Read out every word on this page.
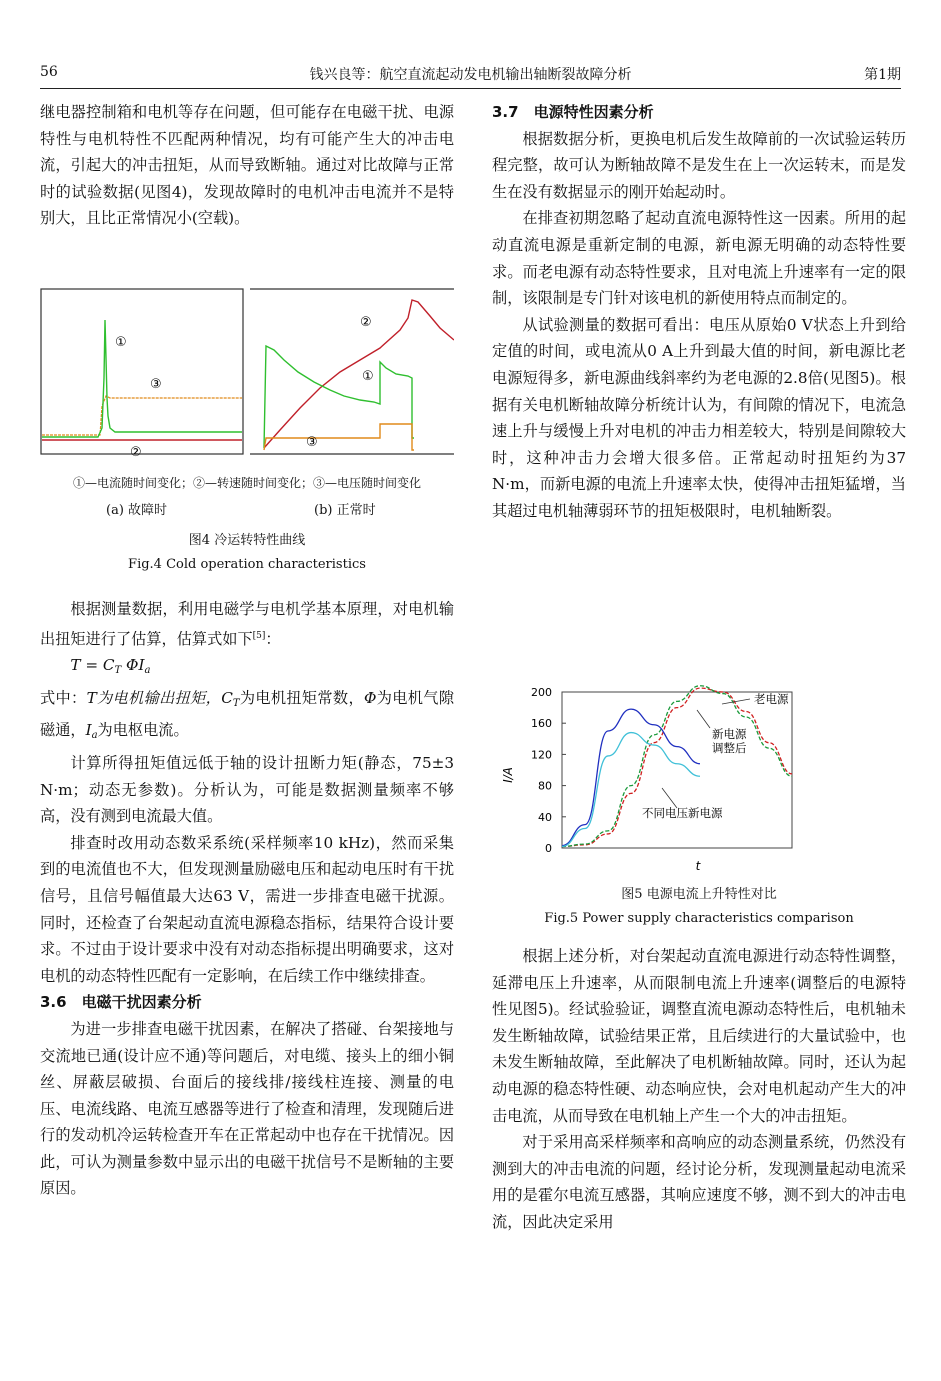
56	钱兴良等：航空直流起动发电机输出轴断裂故障分析	第1期

继电器控制箱和电机等存在问题，但可能存在电磁干扰、电源特性与电机特性不匹配两种情况，均有可能产生大的冲击电流，引起大的冲击扭矩，从而导致断轴。通过对比故障与正常时的试验数据(见图4)，发现故障时的电机冲击电流并不是特别大，且比正常情况小(空载)。

①
③
②
②
①
③
①—电流随时间变化；②—转速随时间变化；③—电压随时间变化
(a) 故障时	(b) 正常时
图4 冷运转特性曲线
Fig.4 Cold operation characteristics

根据测量数据，利用电磁学与电机学基本原理，对电机输出扭矩进行了估算，估算式如下[5]：

$T = C_T$ $\Phi I_a$

式中：T为电机输出扭矩，$C_T$为电机扭矩常数，Φ为电机气隙磁通，$I_a$为电枢电流。

计算所得扭矩值远低于轴的设计扭断力矩(静态，75±3 N·m；动态无参数)。分析认为，可能是数据测量频率不够高，没有测到电流最大值。

排查时改用动态数采系统(采样频率10 kHz)，然而采集到的电流值也不大，但发现测量励磁电压和起动电压时有干扰信号，且信号幅值最大达63 V，需进一步排查电磁干扰源。同时，还检查了台架起动直流电源稳态指标，结果符合设计要求。不过由于设计要求中没有对动态指标提出明确要求，这对电机的动态特性匹配有一定影响，在后续工作中继续排查。

3.6　电磁干扰因素分析

为进一步排查电磁干扰因素，在解决了搭碰、台架接地与交流地已通(设计应不通)等问题后，对电缆、接头上的细小铜丝、屏蔽层破损、台面后的接线排/接线柱连接、测量的电压、电流线路、电流互感器等进行了检查和清理，发现随后进行的发动机冷运转检查开车在正常起动中也存在干扰情况。因此，可认为测量参数中显示出的电磁干扰信号不是断轴的主要原因。

3.7　电源特性因素分析

根据数据分析，更换电机后发生故障前的一次试验运转历程完整，故可认为断轴故障不是发生在上一次运转末，而是发生在没有数据显示的刚开始起动时。

在排查初期忽略了起动直流电源特性这一因素。所用的起动直流电源是重新定制的电源，新电源无明确的动态特性要求。而老电源有动态特性要求，且对电流上升速率有一定的限制，该限制是专门针对该电机的新使用特点而制定的。

从试验测量的数据可看出：电压从原始0 V状态上升到给定值的时间，或电流从0 A上升到最大值的时间，新电源比老电源短得多，新电源曲线斜率约为老电源的2.8倍(见图5)。根据有关电机断轴故障分析统计认为，有间隙的情况下，电流急速上升与缓慢上升对电机的冲击力相差较大，特别是间隙较大时，这种冲击力会增大很多倍。正常起动时扭矩约为37 N·m，而新电源的电流上升速率太快，使得冲击扭矩猛增，当其超过电机轴薄弱环节的扭矩极限时，电机轴断裂。

0
40
80
120
160
200
I/A
t
老电源
新电源
调整后
不同电压新电源
图5 电源电流上升特性对比
Fig.5 Power supply characteristics comparison

根据上述分析，对台架起动直流电源进行动态特性调整，延滞电压上升速率，从而限制电流上升速率(调整后的电源特性见图5)。经试验验证，调整直流电源动态特性后，电机轴未发生断轴故障，试验结果正常，且后续进行的大量试验中，也未发生断轴故障，至此解决了电机断轴故障。同时，还认为起动电源的稳态特性硬、动态响应快，会对电机起动产生大的冲击电流，从而导致在电机轴上产生一个大的冲击扭矩。

对于采用高采样频率和高响应的动态测量系统，仍然没有测到大的冲击电流的问题，经讨论分析，发现测量起动电流采用的是霍尔电流互感器，其响应速度不够，测不到大的冲击电流，因此决定采用
